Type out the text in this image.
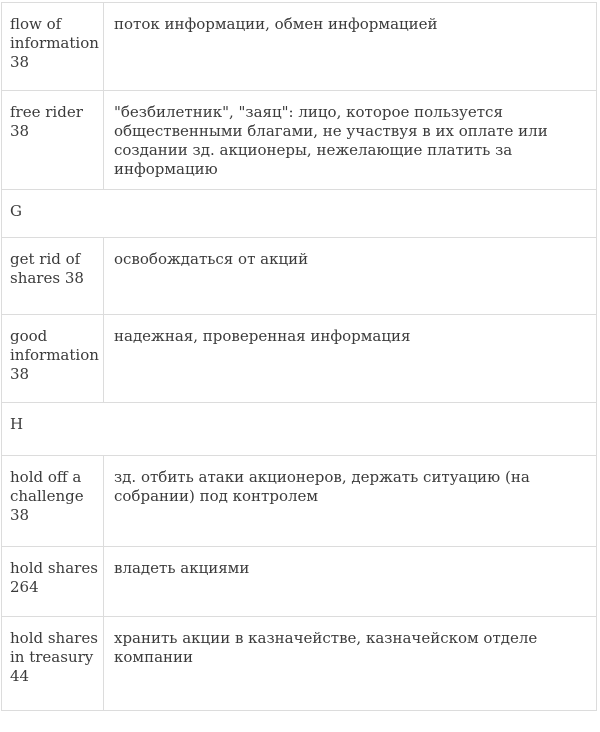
flow of information 38	поток информации, обмен информацией
free rider 38	"безбилетник", "заяц": лицо, которое пользуется общественными благами, не участвуя в их оплате или создании зд. акционеры, нежелающие платить за информацию
G	
get rid of shares 38	освобождаться от акций
good information 38	надежная, проверенная информация
H	
hold off a challenge 38	зд. отбить атаки акционеров, держать ситуацию (на собрании) под контролем
hold shares 264	владеть акциями
hold shares in treasury 44	хранить акции в казначействе, казначейском отделе компании
